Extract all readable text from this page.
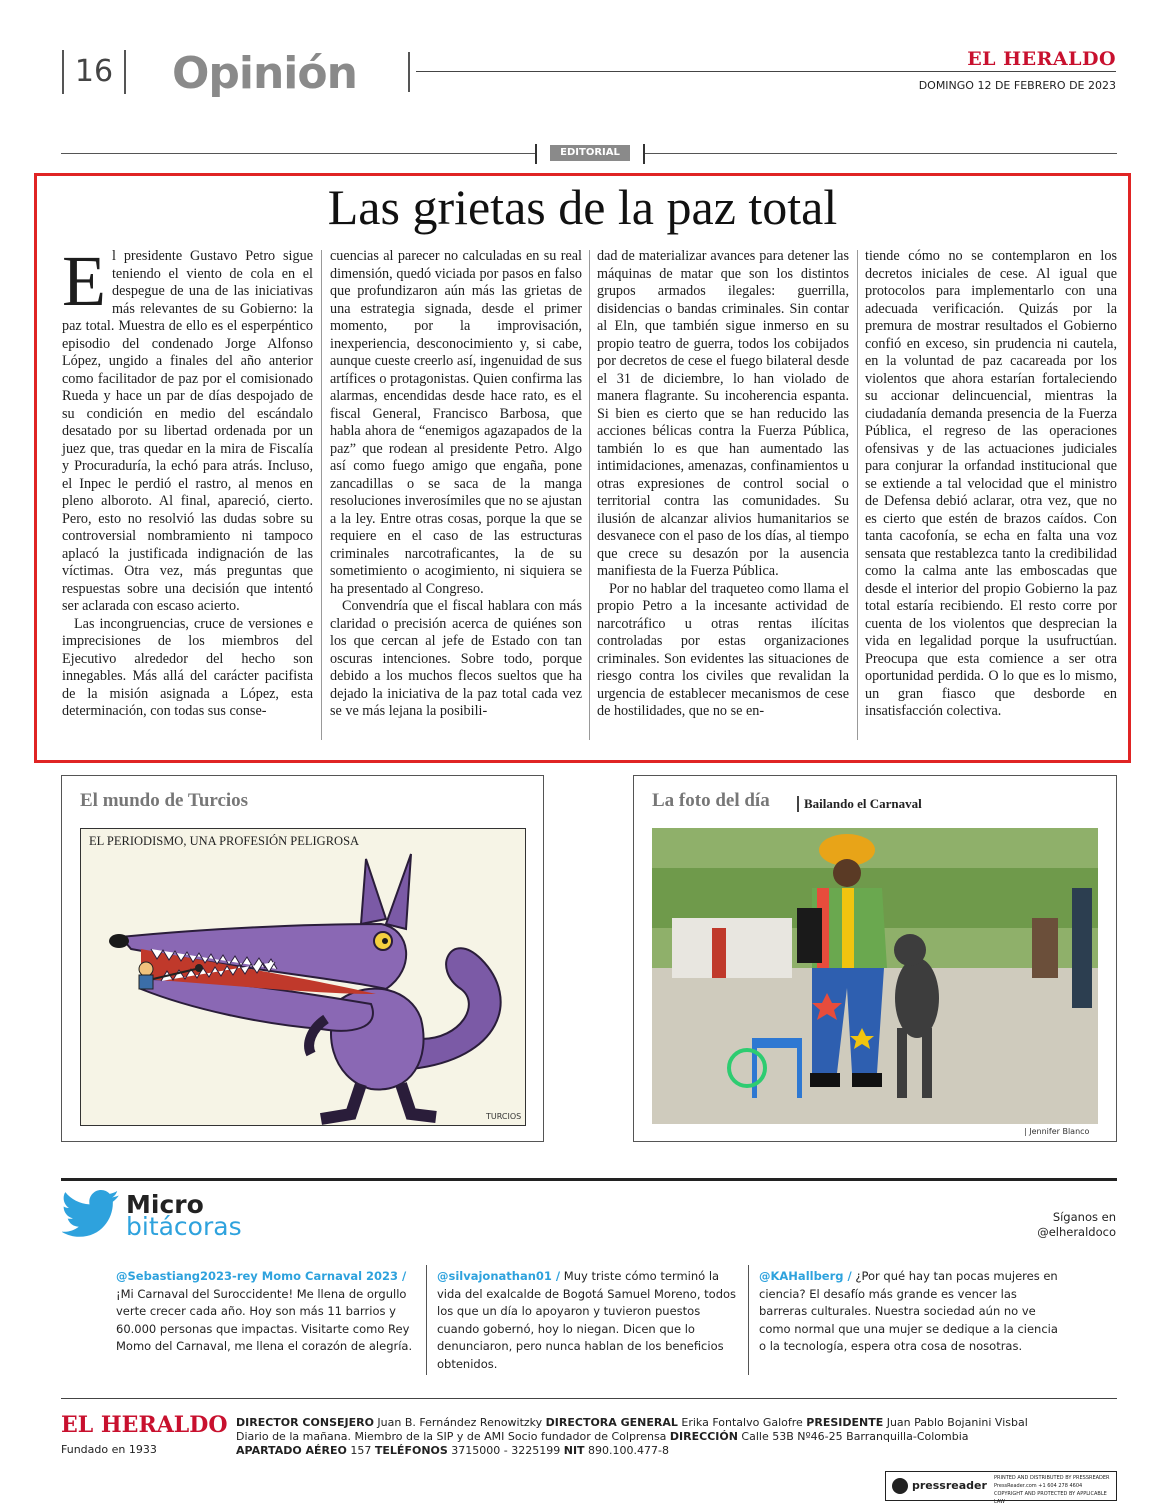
16 Opinión	EL HERALDO
DOMINGO 12 DE FEBRERO DE 2023
EDITORIAL
Las grietas de la paz total

El presidente Gustavo Petro sigue teniendo el viento de cola en el despegue de una de las iniciativas más relevantes de su Gobierno: la paz total. Muestra de ello es el esperpéntico episodio del condenado Jorge Alfonso López, ungido a finales del año anterior como facilitador de paz por el comisionado Rueda y hace un par de días despojado de su condición en medio del escándalo desatado por su libertad ordenada por un juez que, tras quedar en la mira de Fiscalía y Procuraduría, la echó para atrás. Incluso, el Inpec le perdió el rastro, al menos en pleno alboroto. Al final, apareció, cierto. Pero, esto no resolvió las dudas sobre su controversial nombramiento ni tampoco aplacó la justificada indignación de las víctimas. Otra vez, más preguntas que respuestas sobre una decisión que intentó ser aclarada con escaso acierto.

Las incongruencias, cruce de versiones e imprecisiones de los miembros del Ejecutivo alrededor del hecho son innegables. Más allá del carácter pacifista de la misión asignada a López, esta determinación, con todas sus conse-

cuencias al parecer no calculadas en su real dimensión, quedó viciada por pasos en falso que profundizaron aún más las grietas de una estrategia signada, desde el primer momento, por la improvisación, inexperiencia, desconocimiento y, si cabe, aunque cueste creerlo así, ingenuidad de sus artífices o protagonistas. Quien confirma las alarmas, encendidas desde hace rato, es el fiscal General, Francisco Barbosa, que habla ahora de “enemigos agazapados de la paz” que rodean al presidente Petro. Algo así como fuego amigo que engaña, pone zancadillas o se saca de la manga resoluciones inverosímiles que no se ajustan a la ley. Entre otras cosas, porque la que se requiere en el caso de las estructuras criminales narcotraficantes, la de su sometimiento o acogimiento, ni siquiera se ha presentado al Congreso.

Convendría que el fiscal hablara con más claridad o precisión acerca de quiénes son los que cercan al jefe de Estado con tan oscuras intenciones. Sobre todo, porque debido a los muchos flecos sueltos que ha dejado la iniciativa de la paz total cada vez se ve más lejana la posibili-

dad de materializar avances para detener las máquinas de matar que son los distintos grupos armados ilegales: guerrilla, disidencias o bandas criminales. Sin contar al Eln, que también sigue inmerso en su propio teatro de guerra, todos los cobijados por decretos de cese el fuego bilateral desde el 31 de diciembre, lo han violado de manera flagrante. Su incoherencia espanta. Si bien es cierto que se han reducido las acciones bélicas contra la Fuerza Pública, también lo es que han aumentado las intimidaciones, amenazas, confinamientos u otras expresiones de control social o territorial contra las comunidades. Su ilusión de alcanzar alivios humanitarios se desvanece con el paso de los días, al tiempo que crece su desazón por la ausencia manifiesta de la Fuerza Pública.

Por no hablar del traqueteo como llama el propio Petro a la incesante actividad de narcotráfico u otras rentas ilícitas controladas por estas organizaciones criminales. Son evidentes las situaciones de riesgo contra los civiles que revalidan la urgencia de establecer mecanismos de cese de hostilidades, que no se en-

tiende cómo no se contemplaron en los decretos iniciales de cese. Al igual que protocolos para implementarlo con una adecuada verificación. Quizás por la premura de mostrar resultados el Gobierno confió en exceso, sin prudencia ni cautela, en la voluntad de paz cacareada por los violentos que ahora estarían fortaleciendo su accionar delincuencial, mientras la ciudadanía demanda presencia de la Fuerza Pública, el regreso de las operaciones ofensivas y de las actuaciones judiciales para conjurar la orfandad institucional que se extiende a tal velocidad que el ministro de Defensa debió aclarar, otra vez, que no es cierto que estén de brazos caídos. Con tanta cacofonía, se echa en falta una voz sensata que restablezca tanto la credibilidad como la calma ante las emboscadas que desde el interior del propio Gobierno la paz total estaría recibiendo. El resto corre por cuenta de los violentos que desprecian la vida en legalidad porque la usufructúan. Preocupa que esta comience a ser otra oportunidad perdida. O lo que es lo mismo, un gran fiasco que desborde en insatisfacción colectiva.

El mundo de Turcios
EL PERIODISMO, UNA PROFESIÓN PELIGROSA
TURCIOS
La foto del día	Bailando el Carnaval
| Jennifer Blanco
Micro
bitácoras	Síganos en
@elheraldoco
@Sebastiang2023-rey Momo Carnaval 2023 / ¡Mi Carnaval del Suroccidente! Me llena de orgullo verte crecer cada año. Hoy son más 11 barrios y 60.000 personas que impactas. Visitarte como Rey Momo del Carnaval, me llena el corazón de alegría.
@silvajonathan01 / Muy triste cómo terminó la vida del exalcalde de Bogotá Samuel Moreno, todos los que un día lo apoyaron y tuvieron puestos cuando gobernó, hoy lo niegan. Dicen que lo denunciaron, pero nunca hablan de los beneficios obtenidos.
@KAHallberg / ¿Por qué hay tan pocas mujeres en ciencia? El desafío más grande es vencer las barreras culturales. Nuestra sociedad aún no ve como normal que una mujer se dedique a la ciencia o la tecnología, espera otra cosa de nosotras.
EL HERALDO
Fundado en 1933
DIRECTOR CONSEJERO Juan B. Fernández Renowitzky DIRECTORA GENERAL Erika Fontalvo Galofre PRESIDENTE Juan Pablo Bojanini Visbal
Diario de la mañana. Miembro de la SIP y de AMI Socio fundador de Colprensa DIRECCIÓN Calle 53B Nº46-25 Barranquilla-Colombia
APARTADO AÉREO 157 TELÉFONOS 3715000 - 3225199 NIT 890.100.477-8
pressreader
PRINTED AND DISTRIBUTED BY PRESSREADER
PressReader.com +1 604 278 4604
COPYRIGHT AND PROTECTED BY APPLICABLE LAW
